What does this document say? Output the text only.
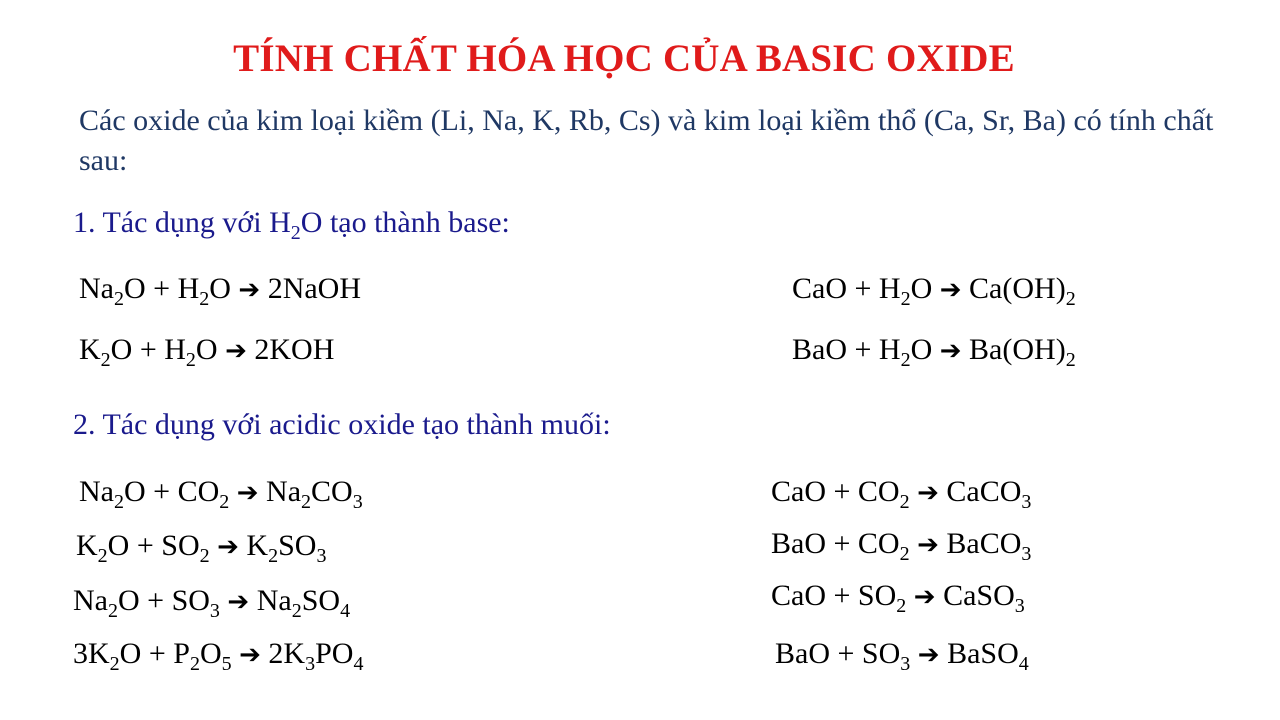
TÍNH CHẤT HÓA HỌC CỦA BASIC OXIDE
Các oxide của kim loại kiềm (Li, Na, K, Rb, Cs) và kim loại kiềm thổ (Ca, Sr, Ba) có tính chất sau:
1. Tác dụng với $H_2O$ tạo thành base:
$Na_2O + H_2O$ ➔ 2NaOH
$K_2O + H_2O$ ➔ 2KOH
CaO + $H_2O$ ➔ $Ca(OH)_2$
BaO + $H_2O$ ➔ $Ba(OH)_2$
2. Tác dụng với acidic oxide tạo thành muối:
$Na_2O + CO_2$ ➔ $Na_2CO_3$
$K_2O + SO_2$ ➔ $K_2SO_3$
$Na_2O + SO_3$ ➔ $Na_2SO_4$
$3K_2O + P_2O_5$ ➔ $2K_3PO_4$
CaO + $CO_2$ ➔ CaCO$_3$
BaO + $CO_2$ ➔ BaCO$_3$
CaO + $SO_2$ ➔ CaSO$_3$
BaO + $SO_3$ ➔ BaSO$_4$
